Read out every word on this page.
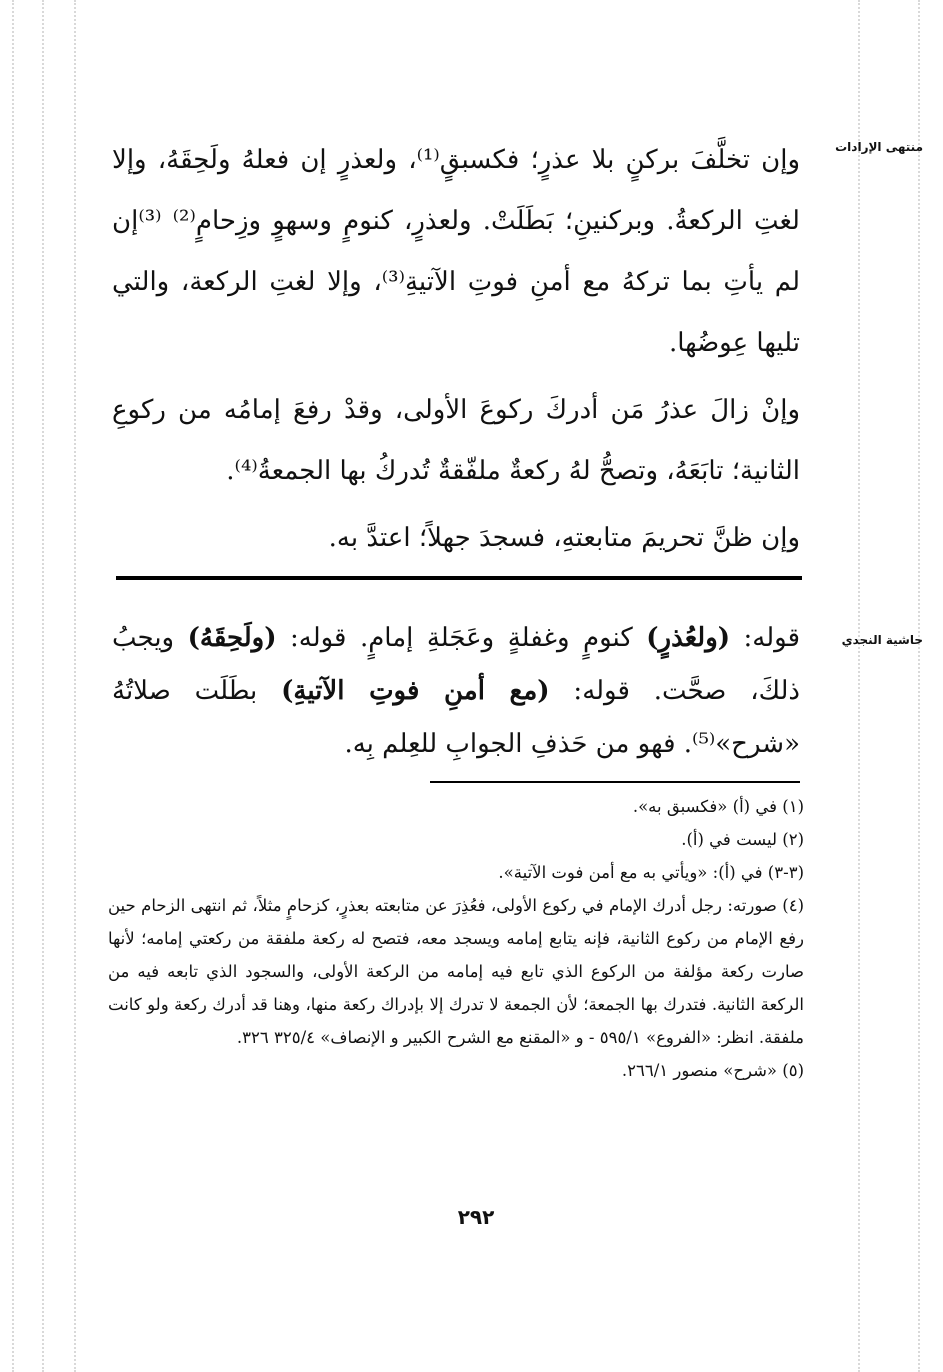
منتهى الإرادات
حاشية النجدي

وإن تخلَّفَ بركنٍ بلا عذرٍ؛ فكسبقٍ⁽¹⁾، ولعذرٍ إن فعلهُ ولَحِقَهُ، وإلا لغتِ الركعةُ. وبركنينِ؛ بَطَلَتْ. ولعذرٍ، كنومٍ وسهوٍ وزِحامٍ⁽²⁾ ⁽³⁾إن لم يأتِ بما تركهُ مع أمنِ فوتِ الآتيةِ⁽³⁾، وإلا لغتِ الركعة، والتي تليها عِوضُها.

وإنْ زالَ عذرُ مَن أدركَ ركوعَ الأولى، وقدْ رفعَ إمامُه من ركوعِ الثانية؛ تابَعَهُ، وتصحُّ لهُ ركعةٌ ملفّقةٌ تُدركُ بها الجمعةُ⁽⁴⁾.

وإن ظنَّ تحريمَ متابعتهِ، فسجدَ جهلاً؛ اعتدَّ به.

قوله: (ولعُذرٍ) كنومٍ وغفلةٍ وعَجَلةِ إمامٍ. قوله: (ولَحِقَهُ) ويجبُ ذلكَ، صحَّت. قوله: (مع أمنِ فوتِ الآتيةِ) بطَلَت صلاتُهُ «شرح»⁽⁵⁾. فهو من حَذفِ الجوابِ للعِلم بِه.

(١) في (أ) «فكسبق به».

(٢) ليست في (أ).

(٣-٣) في (أ): «ويأتي به مع أمن فوت الآتية».

(٤) صورته: رجل أدرك الإمام في ركوع الأولى، فعُذِرَ عن متابعته بعذرٍ، كزحامٍ مثلاً، ثم انتهى الزحام حين رفع الإمام من ركوع الثانية، فإنه يتابع إمامه ويسجد معه، فتصح له ركعة ملفقة من ركعتي إمامه؛ لأنها صارت ركعة مؤلفة من الركوع الذي تابع فيه إمامه من الركعة الأولى، والسجود الذي تابعه فيه من الركعة الثانية. فتدرك بها الجمعة؛ لأن الجمعة لا تدرك إلا بإدراك ركعة منها، وهنا قد أدرك ركعة ولو كانت ملفقة. انظر: «الفروع» ٥٩٥/١ - و «المقنع مع الشرح الكبير و الإنصاف» ٣٢٥/٤ ٣٢٦.

(٥) «شرح» منصور ٢٦٦/١.

٢٩٢
